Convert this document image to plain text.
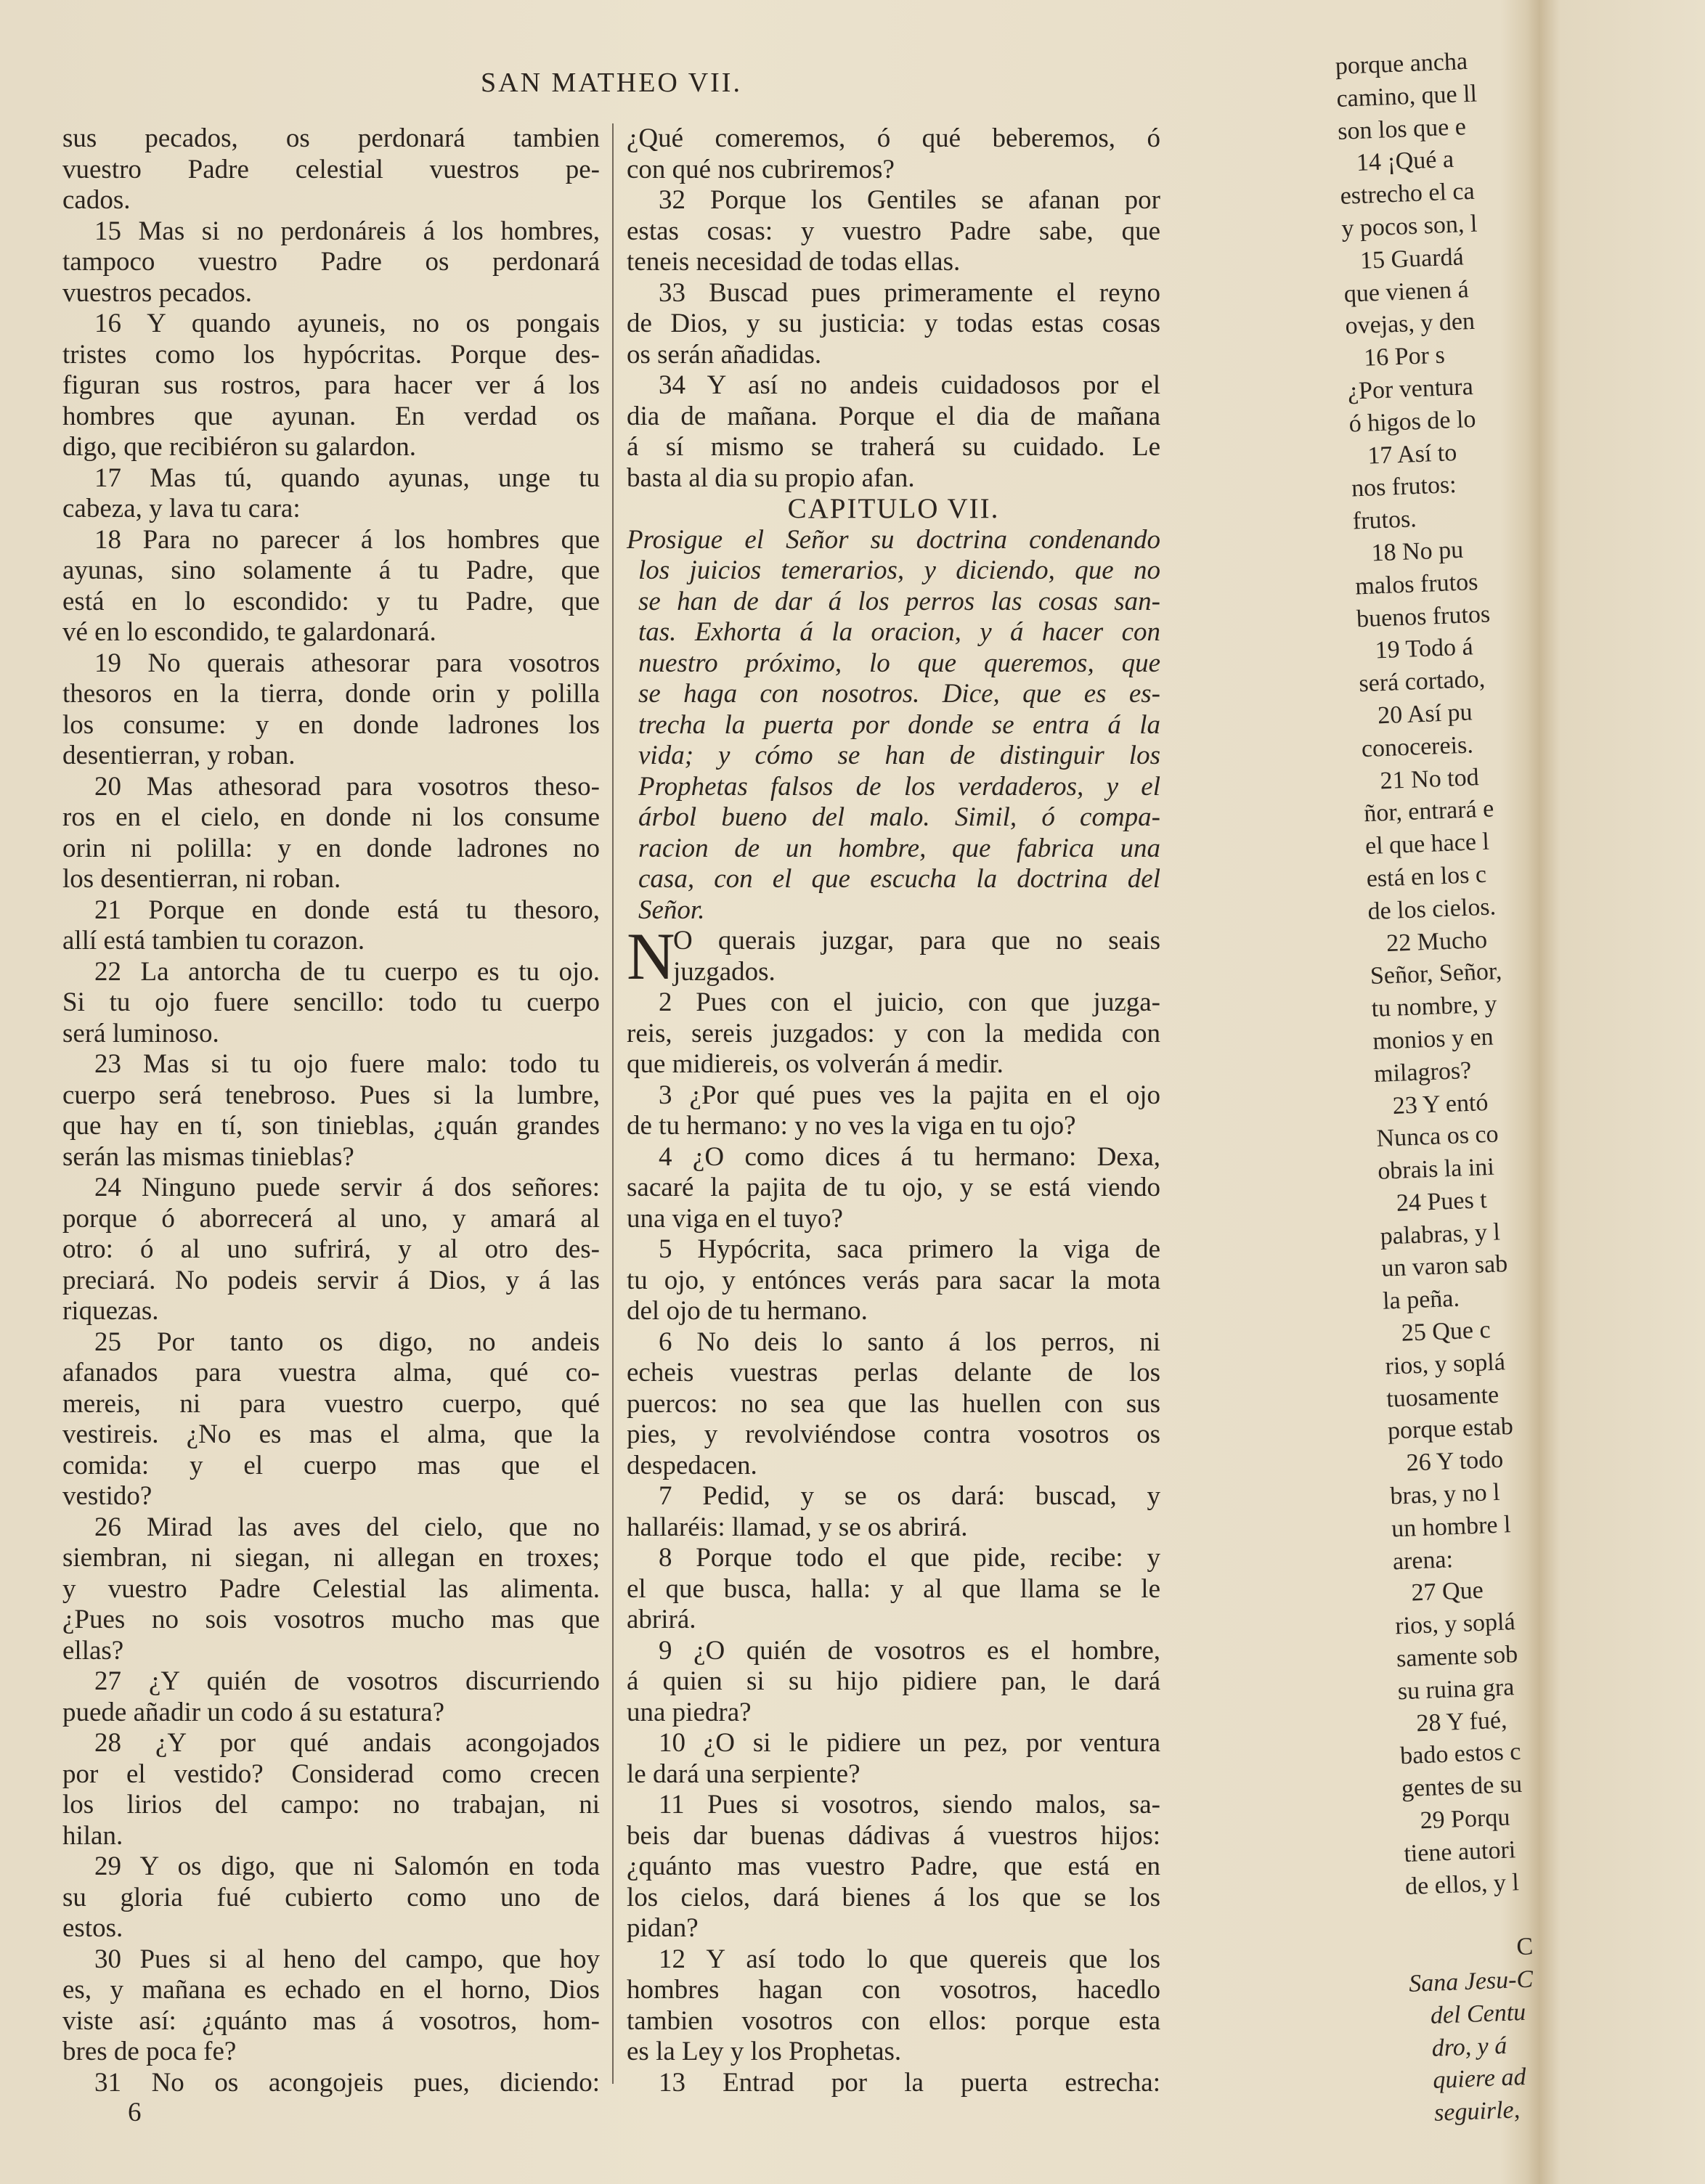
SAN MATHEO VII.
sus pecados, os perdonará tambien
vuestro Padre celestial vuestros pe-
cados.
15 Mas si no perdonáreis á los hombres,
tampoco vuestro Padre os perdonará
vuestros pecados.
16 Y quando ayuneis, no os pongais
tristes como los hypócritas. Porque des-
figuran sus rostros, para hacer ver á los
hombres que ayunan. En verdad os
digo, que recibiéron su galardon.
17 Mas tú, quando ayunas, unge tu
cabeza, y lava tu cara:
18 Para no parecer á los hombres que
ayunas, sino solamente á tu Padre, que
está en lo escondido: y tu Padre, que
vé en lo escondido, te galardonará.
19 No querais athesorar para vosotros
thesoros en la tierra, donde orin y polilla
los consume: y en donde ladrones los
desentierran, y roban.
20 Mas athesorad para vosotros theso-
ros en el cielo, en donde ni los consume
orin ni polilla: y en donde ladrones no
los desentierran, ni roban.
21 Porque en donde está tu thesoro,
allí está tambien tu corazon.
22 La antorcha de tu cuerpo es tu ojo.
Si tu ojo fuere sencillo: todo tu cuerpo
será luminoso.
23 Mas si tu ojo fuere malo: todo tu
cuerpo será tenebroso. Pues si la lumbre,
que hay en tí, son tinieblas, ¿quán grandes
serán las mismas tinieblas?
24 Ninguno puede servir á dos señores:
porque ó aborrecerá al uno, y amará al
otro: ó al uno sufrirá, y al otro des-
preciará. No podeis servir á Dios, y á las
riquezas.
25 Por tanto os digo, no andeis
afanados para vuestra alma, qué co-
mereis, ni para vuestro cuerpo, qué
vestireis. ¿No es mas el alma, que la
comida: y el cuerpo mas que el
vestido?
26 Mirad las aves del cielo, que no
siembran, ni siegan, ni allegan en troxes;
y vuestro Padre Celestial las alimenta.
¿Pues no sois vosotros mucho mas que
ellas?
27 ¿Y quién de vosotros discurriendo
puede añadir un codo á su estatura?
28 ¿Y por qué andais acongojados
por el vestido? Considerad como crecen
los lirios del campo: no trabajan, ni
hilan.
29 Y os digo, que ni Salomón en toda
su gloria fué cubierto como uno de
estos.
30 Pues si al heno del campo, que hoy
es, y mañana es echado en el horno, Dios
viste así: ¿quánto mas á vosotros, hom-
bres de poca fe?
31 No os acongojeis pues, diciendo:
¿Qué comeremos, ó qué beberemos, ó
con qué nos cubriremos?
32 Porque los Gentiles se afanan por
estas cosas: y vuestro Padre sabe, que
teneis necesidad de todas ellas.
33 Buscad pues primeramente el reyno
de Dios, y su justicia: y todas estas cosas
os serán añadidas.
34 Y así no andeis cuidadosos por el
dia de mañana. Porque el dia de mañana
á sí mismo se traherá su cuidado. Le
basta al dia su propio afan.
CAPITULO VII.
Prosigue el Señor su doctrina condenando
los juicios temerarios, y diciendo, que no
se han de dar á los perros las cosas san-
tas. Exhorta á la oracion, y á hacer con
nuestro próximo, lo que queremos, que
se haga con nosotros. Dice, que es es-
trecha la puerta por donde se entra á la
vida; y cómo se han de distinguir los
Prophetas falsos de los verdaderos, y el
árbol bueno del malo. Simil, ó compa-
racion de un hombre, que fabrica una
casa, con el que escucha la doctrina del
Señor.
N
O querais juzgar, para que no seais
juzgados.
2 Pues con el juicio, con que juzga-
reis, sereis juzgados: y con la medida con
que midiereis, os volverán á medir.
3 ¿Por qué pues ves la pajita en el ojo
de tu hermano: y no ves la viga en tu ojo?
4 ¿O como dices á tu hermano: Dexa,
sacaré la pajita de tu ojo, y se está viendo
una viga en el tuyo?
5 Hypócrita, saca primero la viga de
tu ojo, y entónces verás para sacar la mota
del ojo de tu hermano.
6 No deis lo santo á los perros, ni
echeis vuestras perlas delante de los
puercos: no sea que las huellen con sus
pies, y revolviéndose contra vosotros os
despedacen.
7 Pedid, y se os dará: buscad, y
hallaréis: llamad, y se os abrirá.
8 Porque todo el que pide, recibe: y
el que busca, halla: y al que llama se le
abrirá.
9 ¿O quién de vosotros es el hombre,
á quien si su hijo pidiere pan, le dará
una piedra?
10 ¿O si le pidiere un pez, por ventura
le dará una serpiente?
11 Pues si vosotros, siendo malos, sa-
beis dar buenas dádivas á vuestros hijos:
¿quánto mas vuestro Padre, que está en
los cielos, dará bienes á los que se los
pidan?
12 Y así todo lo que quereis que los
hombres hagan con vosotros, hacedlo
tambien vosotros con ellos: porque esta
es la Ley y los Prophetas.
13 Entrad por la puerta estrecha:
6
porque ancha
camino, que ll
son los que e
14 ¡Qué a
estrecho el ca
y pocos son, l
15 Guardá
que vienen á
ovejas, y den
16 Por s
¿Por ventura
ó higos de lo
17 Así to
nos frutos:
frutos.
18 No pu
malos frutos
buenos frutos
19 Todo á
será cortado,
20 Así pu
conocereis.
21 No tod
ñor, entrará e
el que hace l
está en los c
de los cielos.
22 Mucho
Señor, Señor,
tu nombre, y
monios y en
milagros?
23 Y entó
Nunca os co
obrais la ini
24 Pues t
palabras, y l
un varon sab
la peña.
25 Que c
rios, y soplá
tuosamente
porque estab
26 Y todo
bras, y no l
un hombre l
arena:
27 Que
rios, y soplá
samente sob
su ruina gra
28 Y fué,
bado estos c
gentes de su
29 Porqu
tiene autori
de ellos, y l
C
Sana Jesu-C
del Centu
dro, y á
quiere ad
seguirle,
